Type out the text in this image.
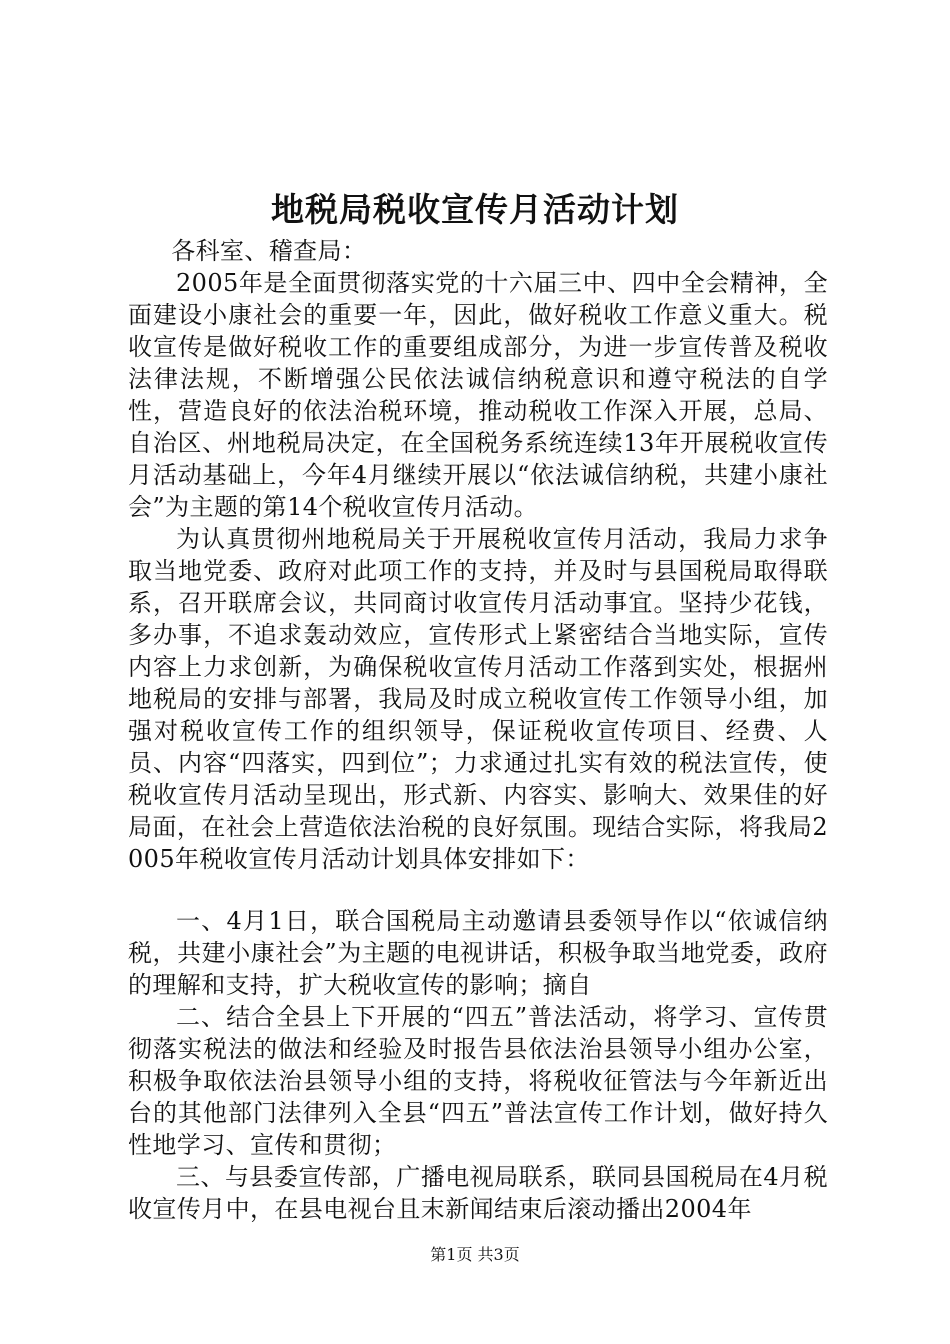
地税局税收宣传月活动计划

各科室、稽查局：

2005年是全面贯彻落实党的十六届三中、四中全会精神，全面建设小康社会的重要一年，因此，做好税收工作意义重大。税收宣传是做好税收工作的重要组成部分，为进一步宣传普及税收法律法规，不断增强公民依法诚信纳税意识和遵守税法的自学性，营造良好的依法治税环境，推动税收工作深入开展，总局、自治区、州地税局决定，在全国税务系统连续13年开展税收宣传月活动基础上，今年4月继续开展以“依法诚信纳税，共建小康社会”为主题的第14个税收宣传月活动。

为认真贯彻州地税局关于开展税收宣传月活动，我局力求争取当地党委、政府对此项工作的支持，并及时与县国税局取得联系，召开联席会议，共同商讨收宣传月活动事宜。坚持少花钱，多办事，不追求轰动效应，宣传形式上紧密结合当地实际，宣传内容上力求创新，为确保税收宣传月活动工作落到实处，根据州地税局的安排与部署，我局及时成立税收宣传工作领导小组，加强对税收宣传工作的组织领导，保证税收宣传项目、经费、人员、内容“四落实，四到位”；力求通过扎实有效的税法宣传，使税收宣传月活动呈现出，形式新、内容实、影响大、效果佳的好局面，在社会上营造依法治税的良好氛围。现结合实际，将我局2005年税收宣传月活动计划具体安排如下：

一、4月1日，联合国税局主动邀请县委领导作以“依诚信纳税，共建小康社会”为主题的电视讲话，积极争取当地党委，政府的理解和支持，扩大税收宣传的影响；摘自

二、结合全县上下开展的“四五”普法活动，将学习、宣传贯彻落实税法的做法和经验及时报告县依法治县领导小组办公室，积极争取依法治县领导小组的支持，将税收征管法与今年新近出台的其他部门法律列入全县“四五”普法宣传工作计划，做好持久性地学习、宣传和贯彻；

三、与县委宣传部，广播电视局联系，联同县国税局在4月税收宣传月中，在县电视台且末新闻结束后滚动播出2004年

第1页 共3页
